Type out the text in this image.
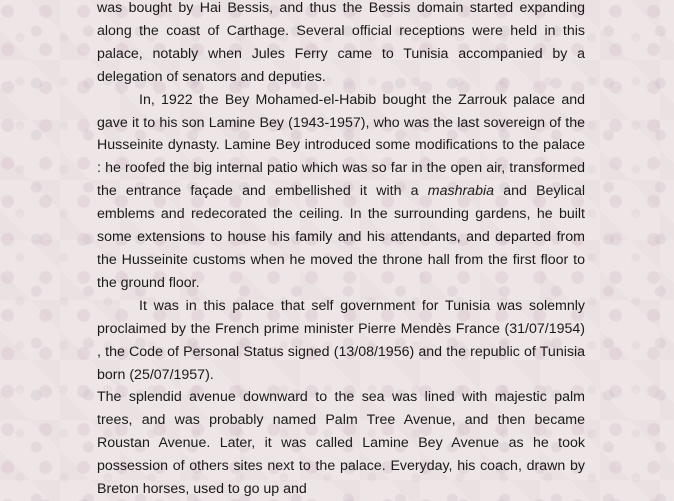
was bought by Hai Bessis, and thus the Bessis domain started expanding along the coast of Carthage. Several official receptions were held in this palace, notably when Jules Ferry came to Tunisia accompanied by a delegation of senators and deputies.

In, 1922 the Bey Mohamed-el-Habib bought the Zarrouk palace and gave it to his son Lamine Bey (1943-1957), who was the last sovereign of the Husseinite dynasty. Lamine Bey introduced some modifications to the palace : he roofed the big internal patio which was so far in the open air, transformed the entrance façade and embellished it with a mashrabia and Beylical emblems and redecorated the ceiling. In the surrounding gardens, he built some extensions to house his family and his attendants, and departed from the Husseinite customs when he moved the throne hall from the first floor to the ground floor.

It was in this palace that self government for Tunisia was solemnly proclaimed by the French prime minister Pierre Mendès France (31/07/1954) , the Code of Personal Status signed (13/08/1956) and the republic of Tunisia born (25/07/1957).

The splendid avenue downward to the sea was lined with majestic palm trees, and was probably named Palm Tree Avenue, and then became Roustan Avenue. Later, it was called Lamine Bey Avenue as he took possession of others sites next to the palace. Everyday, his coach, drawn by Breton horses, used to go up and
